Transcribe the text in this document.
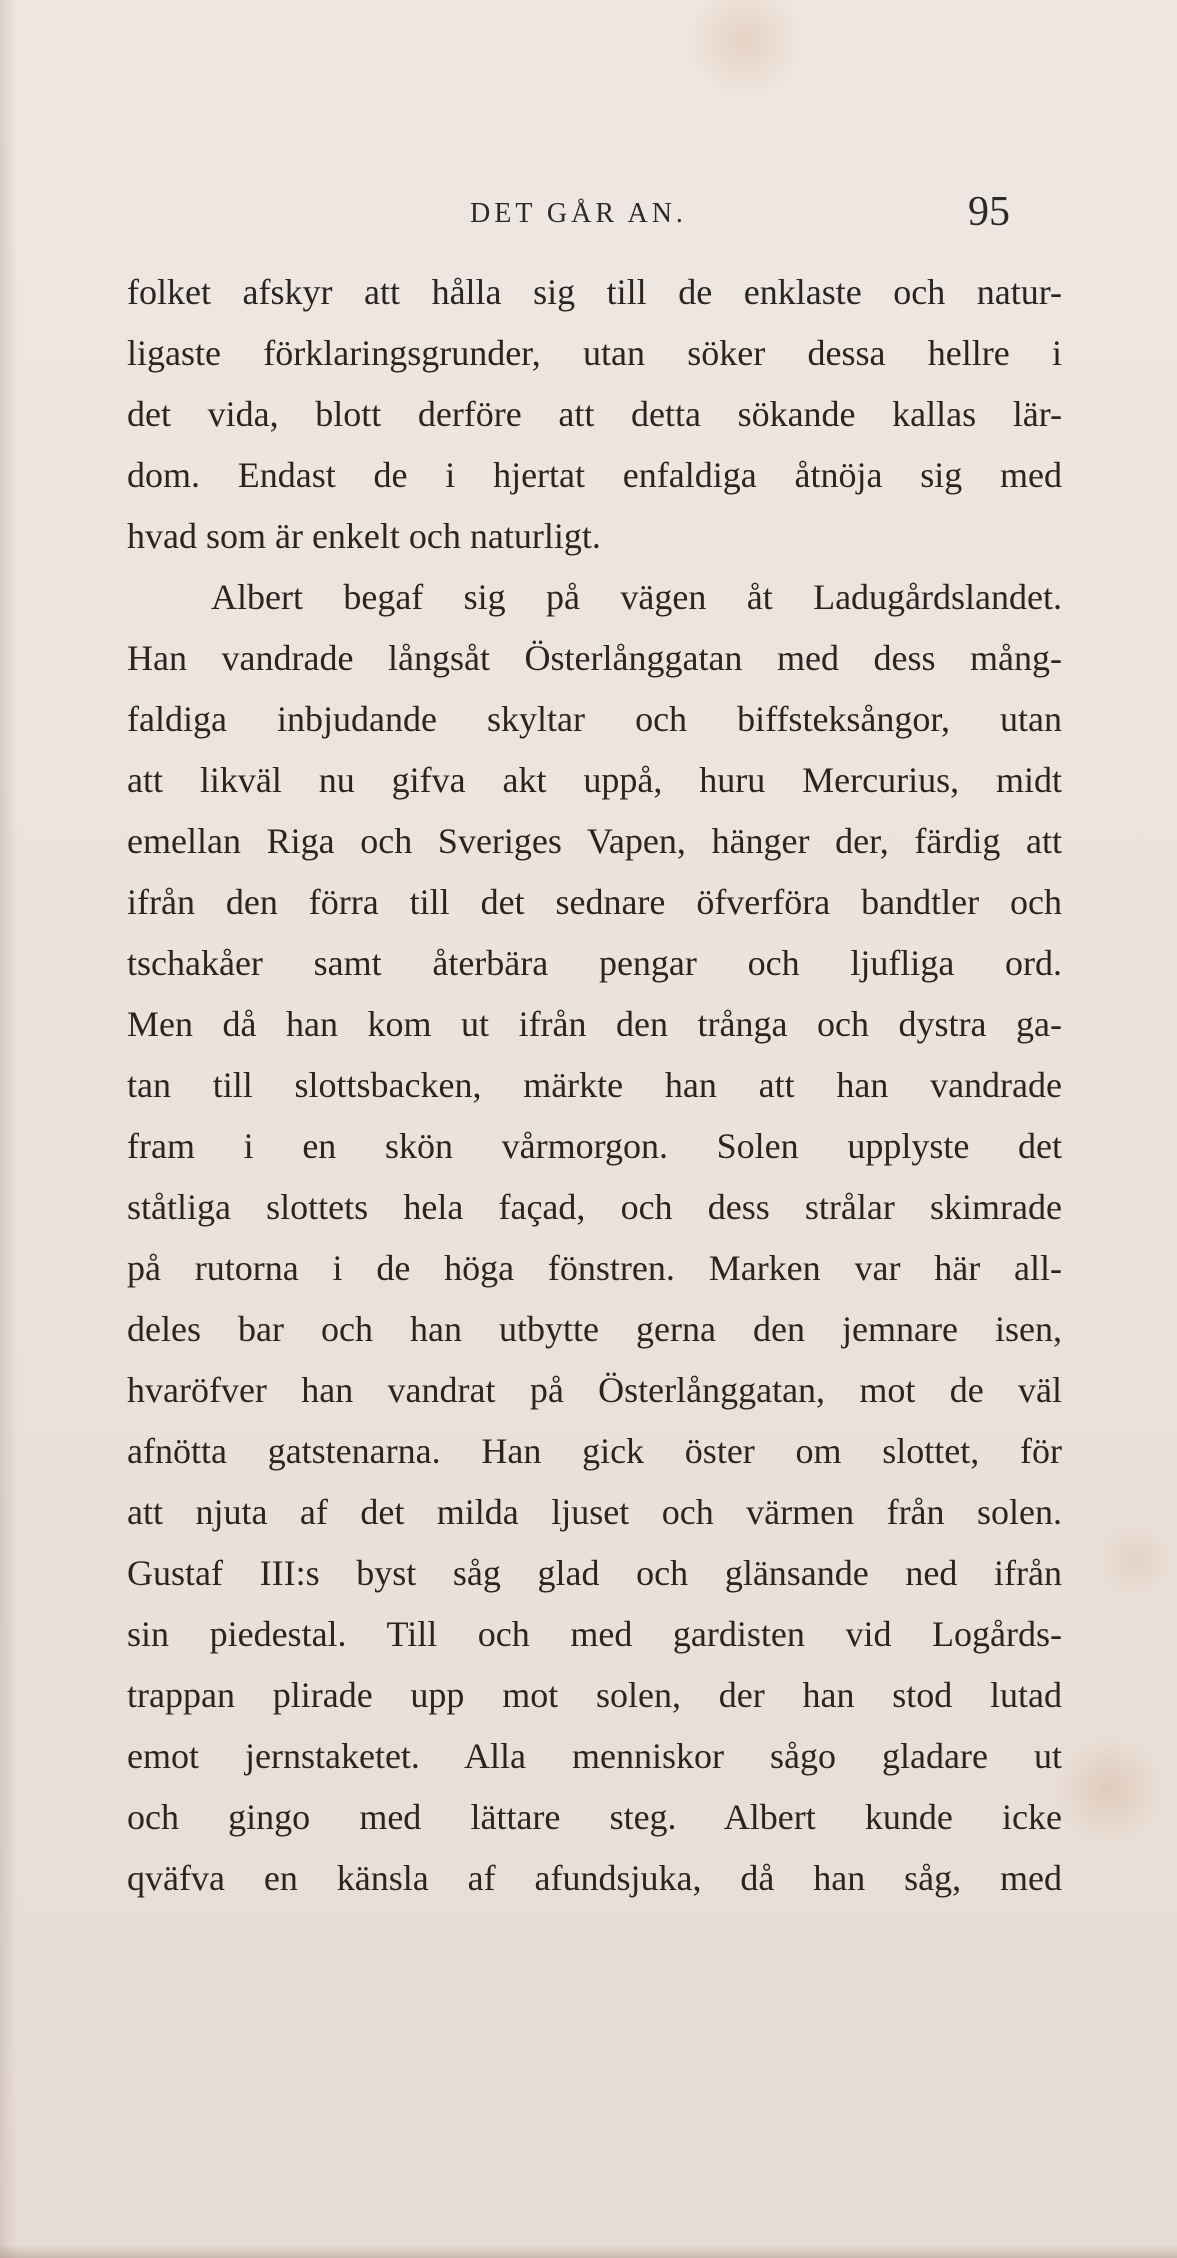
DET GÅR AN.	95
folket afskyr att hålla sig till de enklaste och natur-
ligaste förklaringsgrunder, utan söker dessa hellre i
det vida, blott derföre att detta sökande kallas lär-
dom. Endast de i hjertat enfaldiga åtnöja sig med
hvad som är enkelt och naturligt.
Albert begaf sig på vägen åt Ladugårdslandet.
Han vandrade långsåt Österlånggatan med dess mång-
faldiga inbjudande skyltar och biffsteksångor, utan
att likväl nu gifva akt uppå, huru Mercurius, midt
emellan Riga och Sveriges Vapen, hänger der, färdig att
ifrån den förra till det sednare öfverföra bandtler och
tschakåer samt återbära pengar och ljufliga ord.
Men då han kom ut ifrån den trånga och dystra ga-
tan till slottsbacken, märkte han att han vandrade
fram i en skön vårmorgon. Solen upplyste det
ståtliga slottets hela façad, och dess strålar skimrade
på rutorna i de höga fönstren. Marken var här all-
deles bar och han utbytte gerna den jemnare isen,
hvaröfver han vandrat på Österlånggatan, mot de väl
afnötta gatstenarna. Han gick öster om slottet, för
att njuta af det milda ljuset och värmen från solen.
Gustaf III:s byst såg glad och glänsande ned ifrån
sin piedestal. Till och med gardisten vid Logårds-
trappan plirade upp mot solen, der han stod lutad
emot jernstaketet. Alla menniskor sågo gladare ut
och gingo med lättare steg. Albert kunde icke
qväfva en känsla af afundsjuka, då han såg, med
